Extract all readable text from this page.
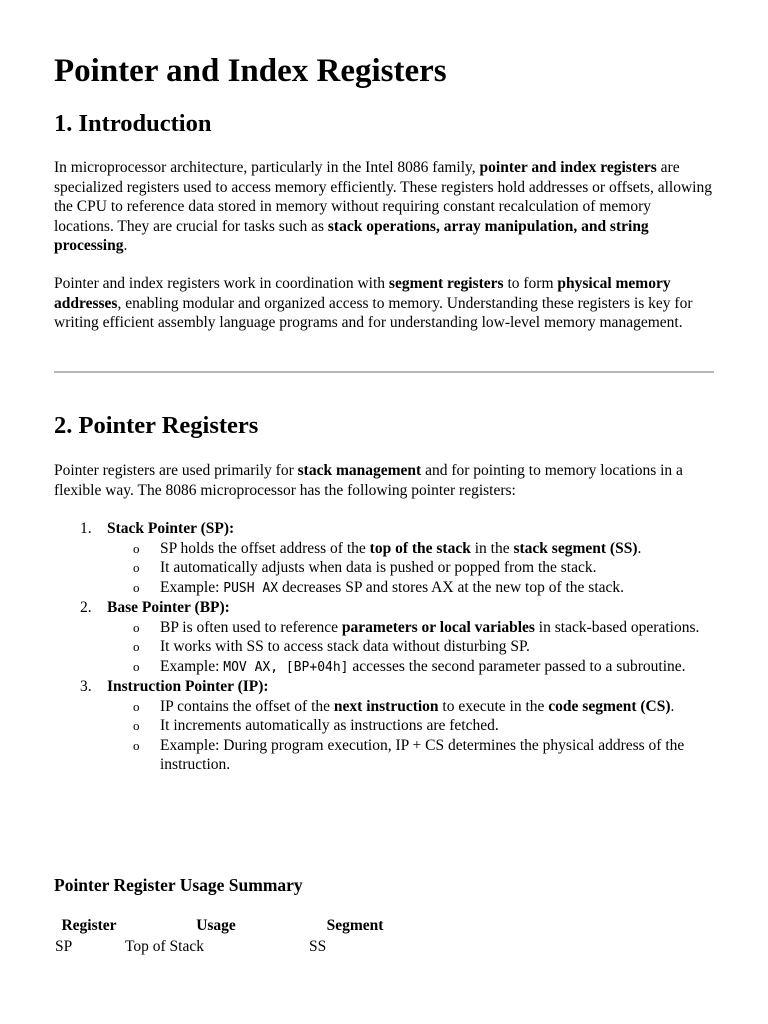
Pointer and Index Registers
1. Introduction

In microprocessor architecture, particularly in the Intel 8086 family, pointer and index registers are specialized registers used to access memory efficiently. These registers hold addresses or offsets, allowing the CPU to reference data stored in memory without requiring constant recalculation of memory locations. They are crucial for tasks such as stack operations, array manipulation, and string processing.

Pointer and index registers work in coordination with segment registers to form physical memory addresses, enabling modular and organized access to memory. Understanding these registers is key for writing efficient assembly language programs and for understanding low-level memory management.

2. Pointer Registers

Pointer registers are used primarily for stack management and for pointing to memory locations in a flexible way. The 8086 microprocessor has the following pointer registers:

1. Stack Pointer (SP):
o SP holds the offset address of the top of the stack in the stack segment (SS).
o It automatically adjusts when data is pushed or popped from the stack.
o Example: PUSH AX decreases SP and stores AX at the new top of the stack.
2. Base Pointer (BP):
o BP is often used to reference parameters or local variables in stack-based operations.
o It works with SS to access stack data without disturbing SP.
o Example: MOV AX, [BP+04h] accesses the second parameter passed to a subroutine.
3. Instruction Pointer (IP):
o IP contains the offset of the next instruction to execute in the code segment (CS).
o It increments automatically as instructions are fetched.
o Example: During program execution, IP + CS determines the physical address of the instruction.
Pointer Register Usage Summary
Register	Usage	Segment
SP	Top of Stack	SS
